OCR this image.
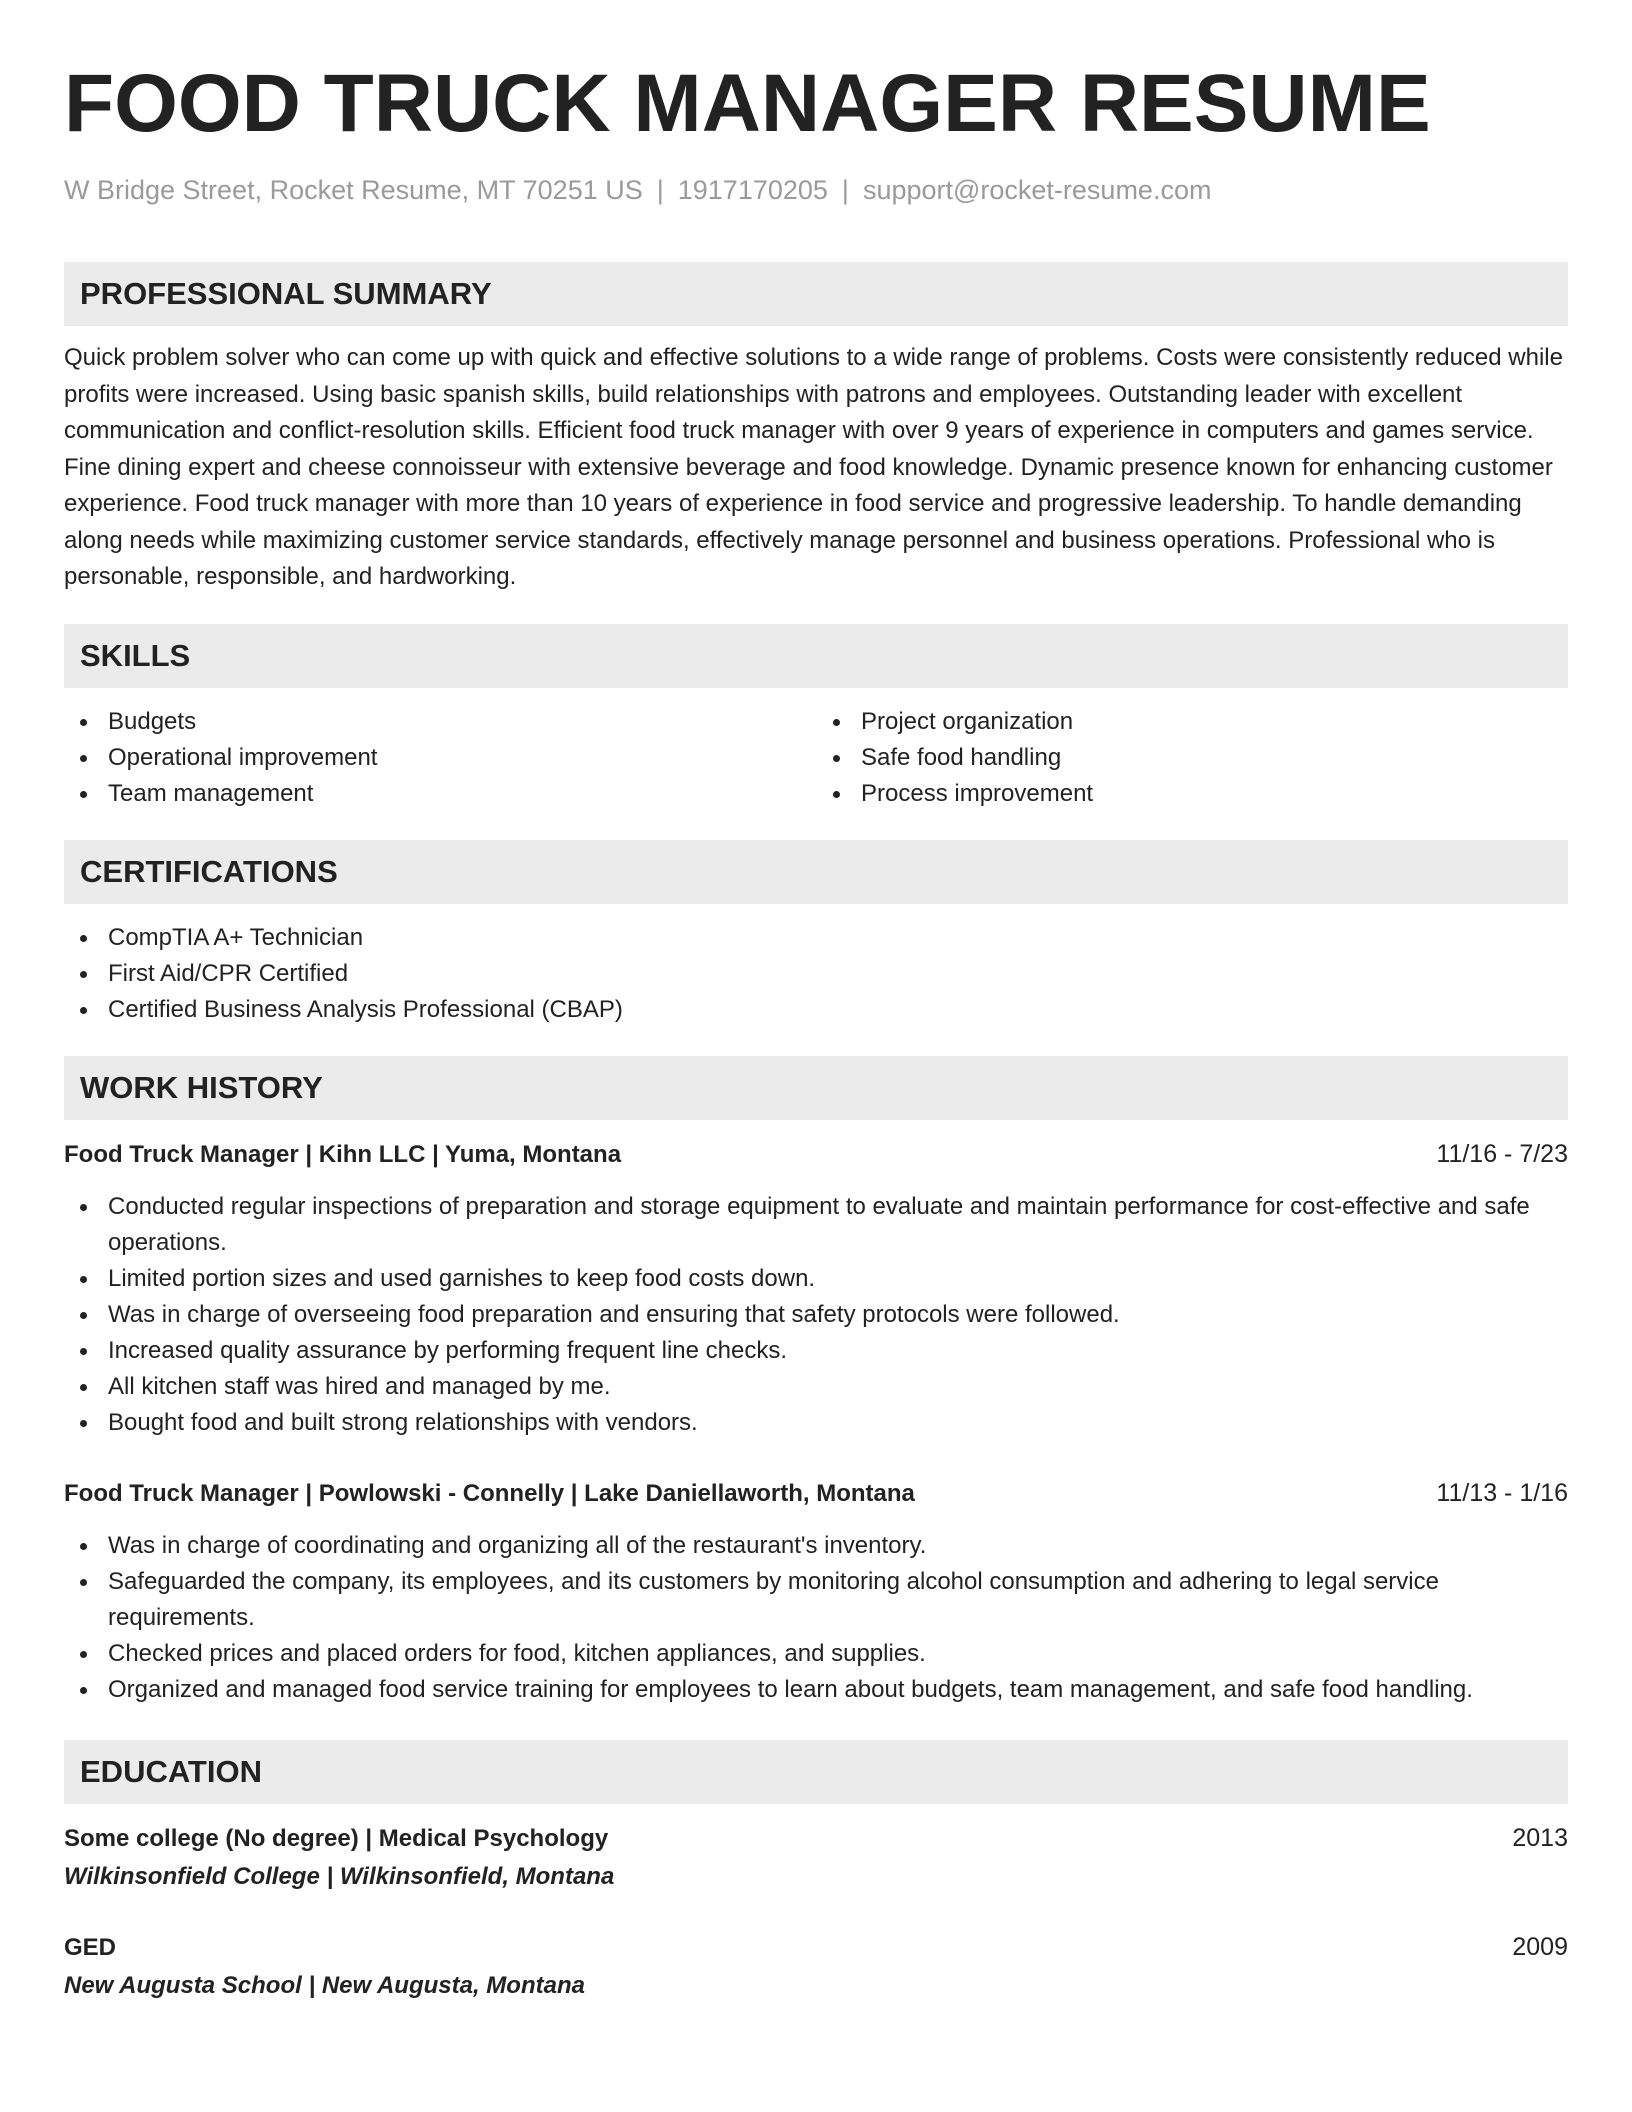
FOOD TRUCK MANAGER RESUME
W Bridge Street, Rocket Resume, MT 70251 US | 1917170205 | support@rocket-resume.com
PROFESSIONAL SUMMARY

Quick problem solver who can come up with quick and effective solutions to a wide range of problems. Costs were consistently reduced while profits were increased. Using basic spanish skills, build relationships with patrons and employees. Outstanding leader with excellent communication and conflict-resolution skills. Efficient food truck manager with over 9 years of experience in computers and games service. Fine dining expert and cheese connoisseur with extensive beverage and food knowledge. Dynamic presence known for enhancing customer experience. Food truck manager with more than 10 years of experience in food service and progressive leadership. To handle demanding along needs while maximizing customer service standards, effectively manage personnel and business operations. Professional who is personable, responsible, and hardworking.

SKILLS
Budgets
Operational improvement
Team management
Project organization
Safe food handling
Process improvement
CERTIFICATIONS
CompTIA A+ Technician
First Aid/CPR Certified
Certified Business Analysis Professional (CBAP)
WORK HISTORY
Food Truck Manager | Kihn LLC | Yuma, Montana	11/16 - 7/23
Conducted regular inspections of preparation and storage equipment to evaluate and maintain performance for cost-effective and safe operations.
Limited portion sizes and used garnishes to keep food costs down.
Was in charge of overseeing food preparation and ensuring that safety protocols were followed.
Increased quality assurance by performing frequent line checks.
All kitchen staff was hired and managed by me.
Bought food and built strong relationships with vendors.
Food Truck Manager | Powlowski - Connelly | Lake Daniellaworth, Montana	11/13 - 1/16
Was in charge of coordinating and organizing all of the restaurant's inventory.
Safeguarded the company, its employees, and its customers by monitoring alcohol consumption and adhering to legal service requirements.
Checked prices and placed orders for food, kitchen appliances, and supplies.
Organized and managed food service training for employees to learn about budgets, team management, and safe food handling.
EDUCATION
Some college (No degree) | Medical Psychology	2013
Wilkinsonfield College | Wilkinsonfield, Montana
GED	2009
New Augusta School | New Augusta, Montana
